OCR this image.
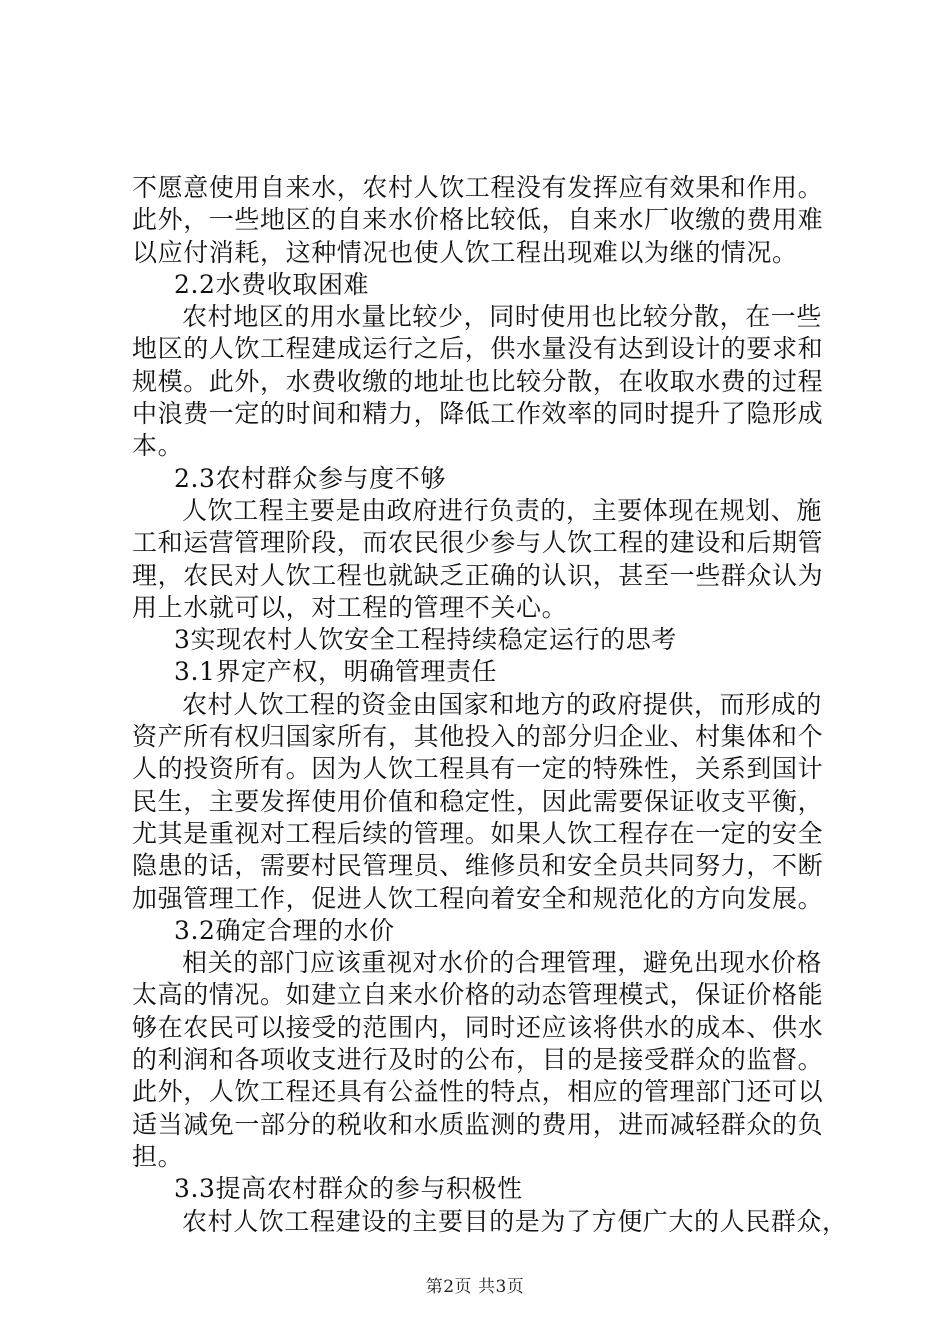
不愿意使用自来水，农村人饮工程没有发挥应有效果和作用。
此外，一些地区的自来水价格比较低，自来水厂收缴的费用难
以应付消耗，这种情况也使人饮工程出现难以为继的情况。
2.2水费收取困难
农村地区的用水量比较少，同时使用也比较分散，在一些
地区的人饮工程建成运行之后，供水量没有达到设计的要求和
规模。此外，水费收缴的地址也比较分散，在收取水费的过程
中浪费一定的时间和精力，降低工作效率的同时提升了隐形成
本。
2.3农村群众参与度不够
人饮工程主要是由政府进行负责的，主要体现在规划、施
工和运营管理阶段，而农民很少参与人饮工程的建设和后期管
理，农民对人饮工程也就缺乏正确的认识，甚至一些群众认为
用上水就可以，对工程的管理不关心。
3实现农村人饮安全工程持续稳定运行的思考
3.1界定产权，明确管理责任
农村人饮工程的资金由国家和地方的政府提供，而形成的
资产所有权归国家所有，其他投入的部分归企业、村集体和个
人的投资所有。因为人饮工程具有一定的特殊性，关系到国计
民生，主要发挥使用价值和稳定性，因此需要保证收支平衡，
尤其是重视对工程后续的管理。如果人饮工程存在一定的安全
隐患的话，需要村民管理员、维修员和安全员共同努力，不断
加强管理工作，促进人饮工程向着安全和规范化的方向发展。
3.2确定合理的水价
相关的部门应该重视对水价的合理管理，避免出现水价格
太高的情况。如建立自来水价格的动态管理模式，保证价格能
够在农民可以接受的范围内，同时还应该将供水的成本、供水
的利润和各项收支进行及时的公布，目的是接受群众的监督。
此外，人饮工程还具有公益性的特点，相应的管理部门还可以
适当减免一部分的税收和水质监测的费用，进而减轻群众的负
担。
3.3提高农村群众的参与积极性
农村人饮工程建设的主要目的是为了方便广大的人民群众，
第2页 共3页
